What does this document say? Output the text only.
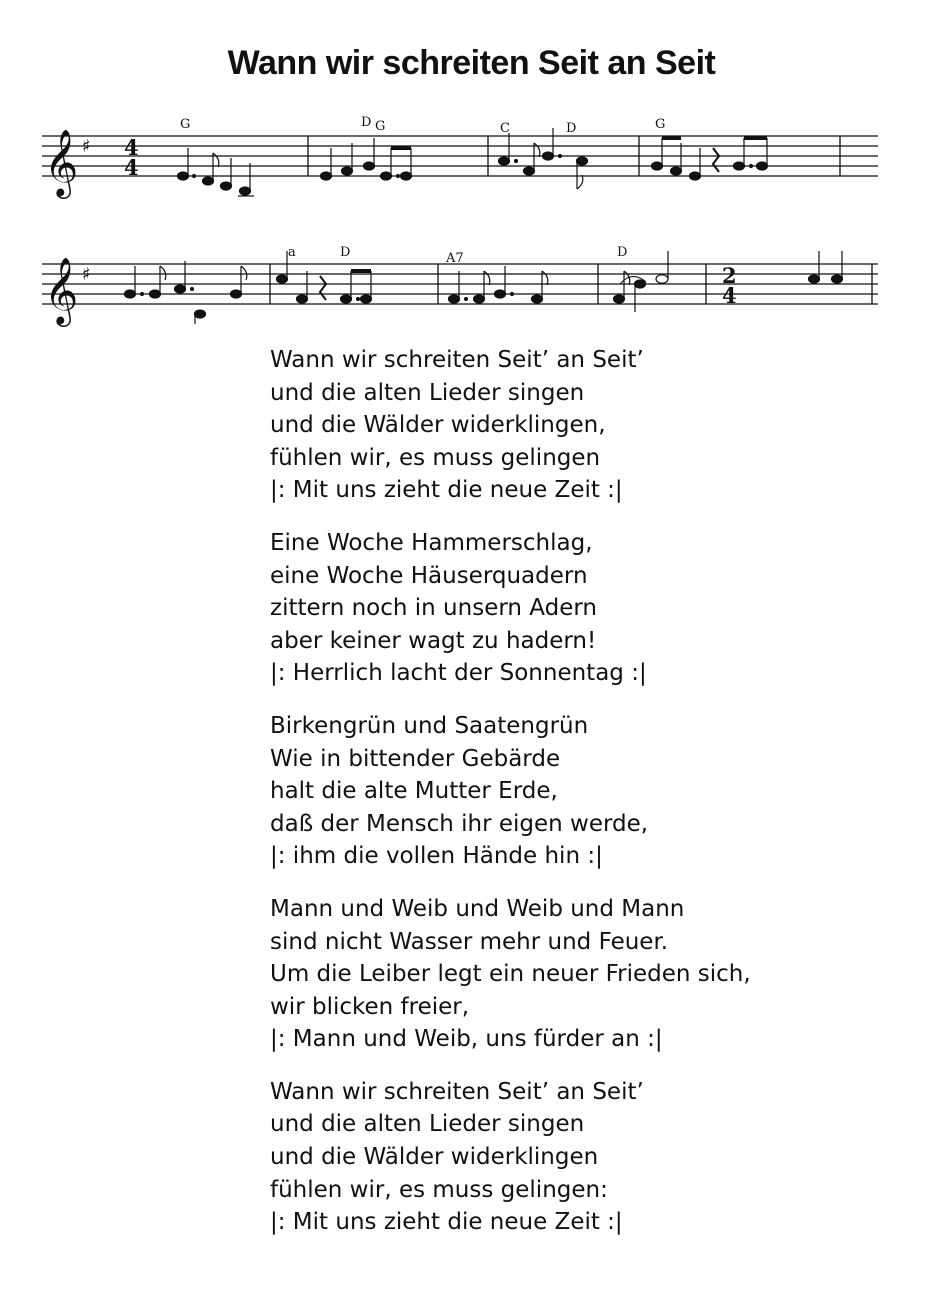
Wann wir schreiten Seit an Seit
𝄞 ♯ 4
4
G	D G	C	D	G
𝄞 ♯	2
4
a	D	A7	D
Wann wir schreiten Seit’ an Seit’
und die alten Lieder singen
und die Wälder widerklingen,
fühlen wir, es muss gelingen
|: Mit uns zieht die neue Zeit :|
Eine Woche Hammerschlag,
eine Woche Häuserquadern
zittern noch in unsern Adern
aber keiner wagt zu hadern!
|: Herrlich lacht der Sonnentag :|
Birkengrün und Saatengrün
Wie in bittender Gebärde
halt die alte Mutter Erde,
daß der Mensch ihr eigen werde,
|: ihm die vollen Hände hin :|
Mann und Weib und Weib und Mann
sind nicht Wasser mehr und Feuer.
Um die Leiber legt ein neuer Frieden sich,
wir blicken freier,
|: Mann und Weib, uns fürder an :|
Wann wir schreiten Seit’ an Seit’
und die alten Lieder singen
und die Wälder widerklingen
fühlen wir, es muss gelingen:
|: Mit uns zieht die neue Zeit :|
